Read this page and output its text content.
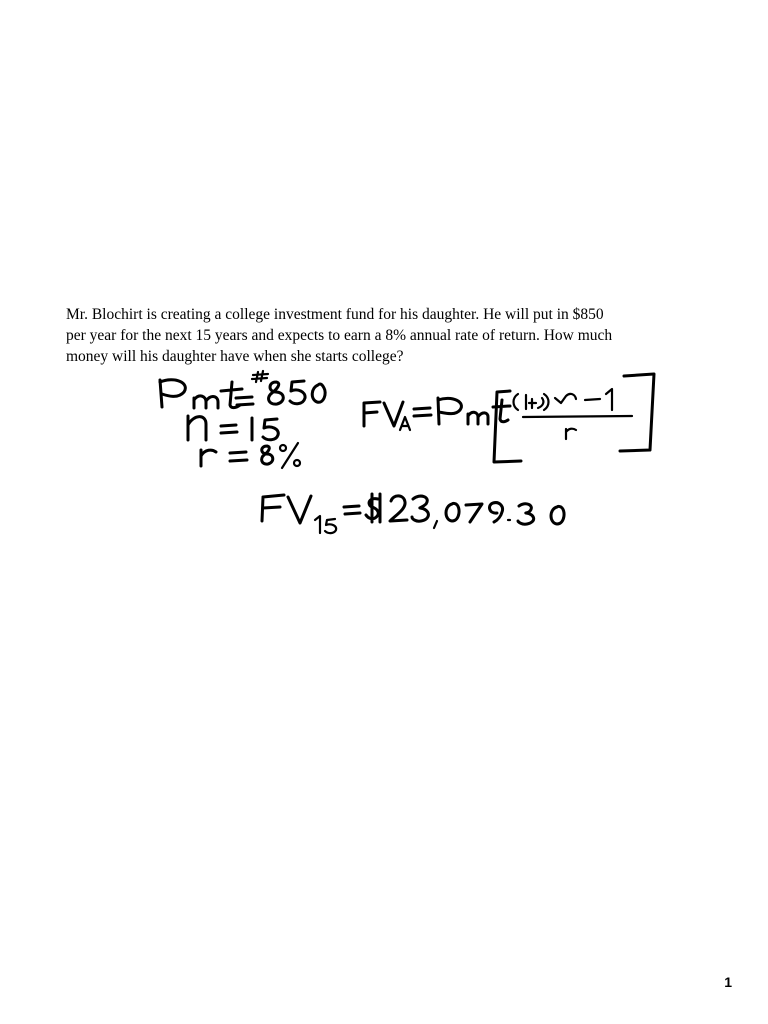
Mr. Blochirt is creating a college investment fund for his daughter. He will put in $850
per year for the next 15 years and expects to earn a 8% annual rate of return. How much
money will his daughter have when she starts college?
1
